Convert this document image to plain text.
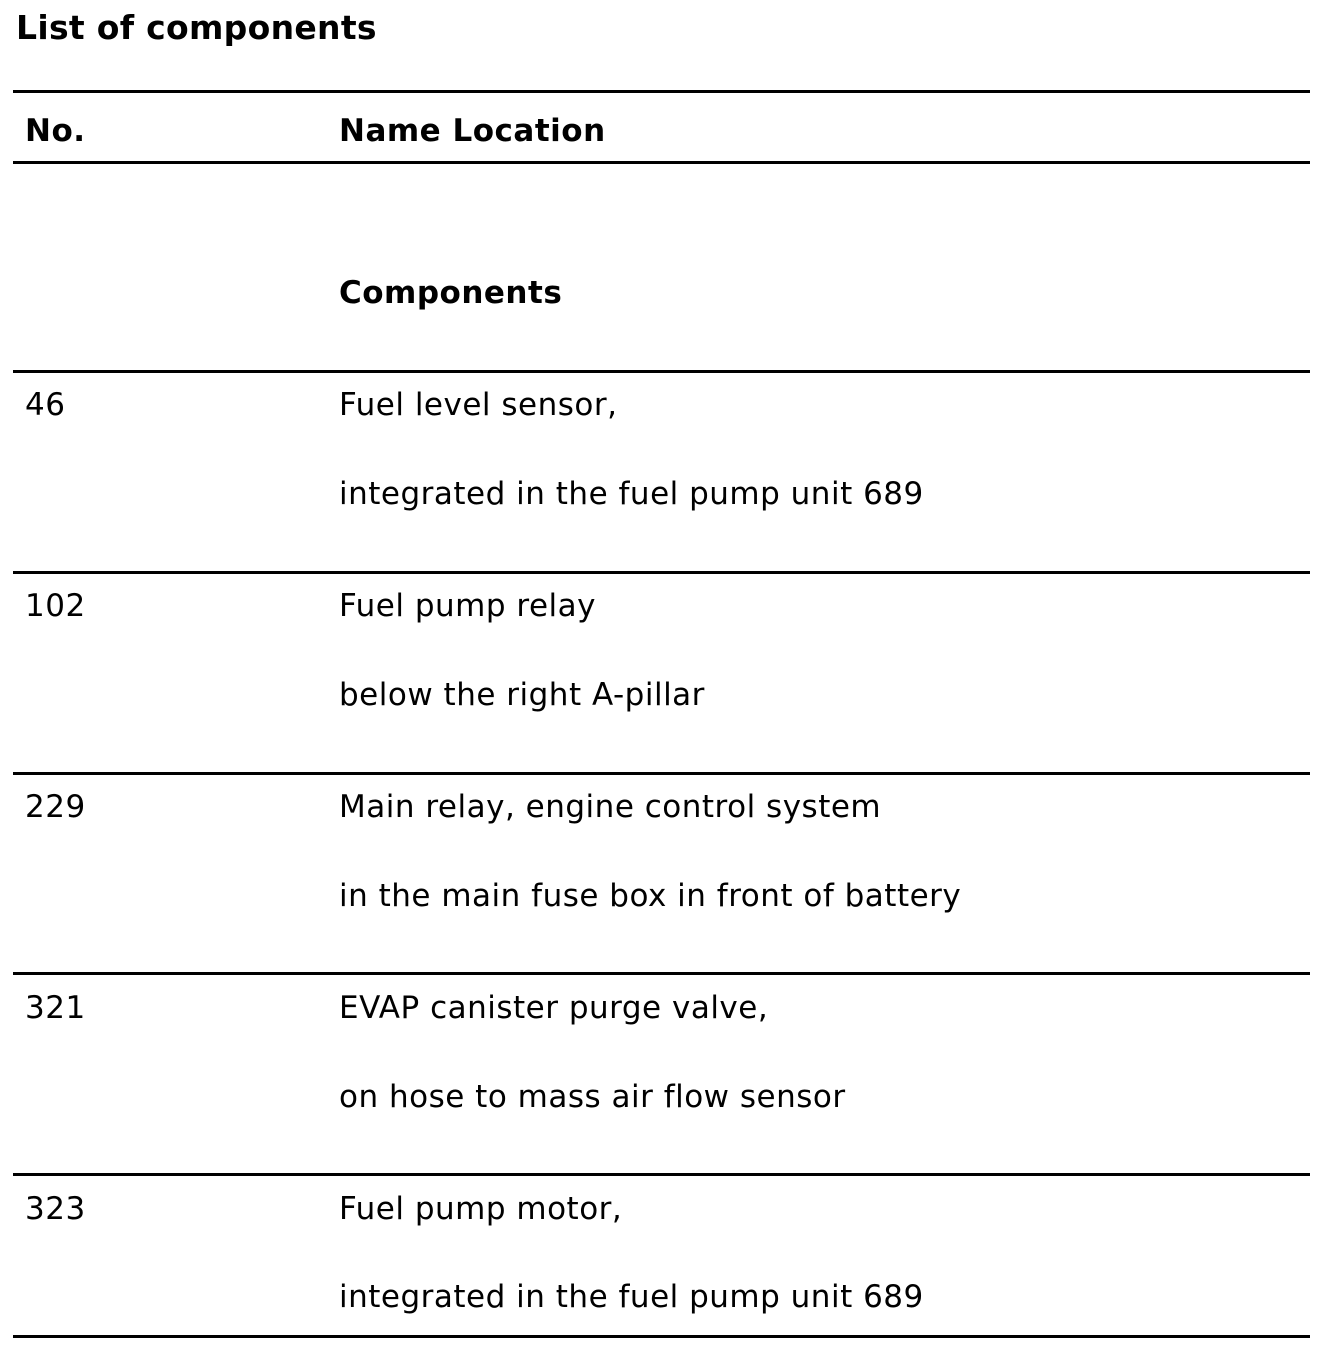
List of components
No.	Name Location
Components
46	Fuel level sensor,
integrated in the fuel pump unit 689
102	Fuel pump relay
below the right A-pillar
229	Main relay, engine control system
in the main fuse box in front of battery
321	EVAP canister purge valve,
on hose to mass air flow sensor
323	Fuel pump motor,
integrated in the fuel pump unit 689
